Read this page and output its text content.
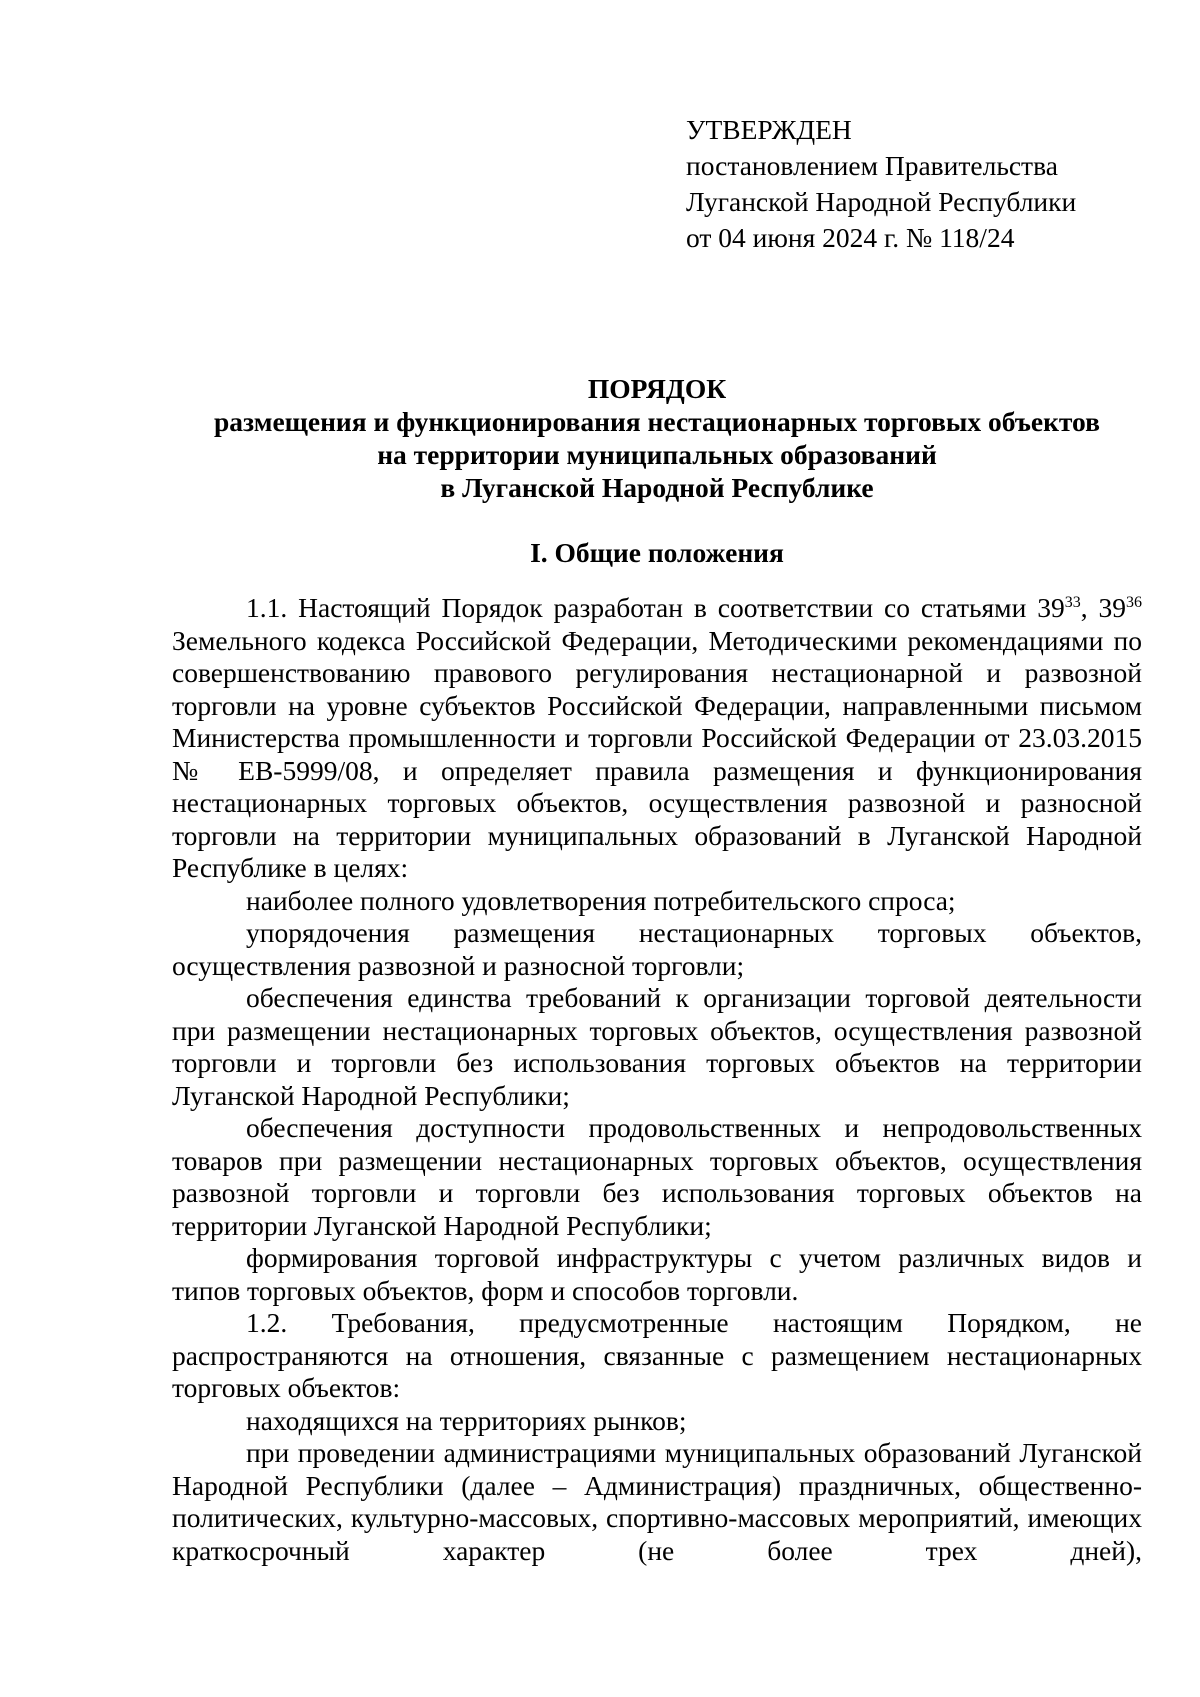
УТВЕРЖДЕН
постановлением Правительства
Луганской Народной Республики
от 04 июня 2024 г. № 118/24
ПОРЯДОК
размещения и функционирования нестационарных торговых объектов
на территории муниципальных образований
в Луганской Народной Республике
I. Общие положения

1.1. Настоящий Порядок разработан в соответствии со статьями $39^{33}$, $39^{36}$ Земельного кодекса Российской Федерации, Методическими рекомендациями по совершенствованию правового регулирования нестационарной и развозной торговли на уровне субъектов Российской Федерации, направленными письмом Министерства промышленности и торговли Российской Федерации от 23.03.2015 № ЕВ-5999/08, и определяет правила размещения и функционирования нестационарных торговых объектов, осуществления развозной и разносной торговли на территории муниципальных образований в Луганской Народной Республике в целях:

наиболее полного удовлетворения потребительского спроса;

упорядочения размещения нестационарных торговых объектов, осуществления развозной и разносной торговли;

обеспечения единства требований к организации торговой деятельности при размещении нестационарных торговых объектов, осуществления развозной торговли и торговли без использования торговых объектов на территории Луганской Народной Республики;

обеспечения доступности продовольственных и непродовольственных товаров при размещении нестационарных торговых объектов, осуществления развозной торговли и торговли без использования торговых объектов на территории Луганской Народной Республики;

формирования торговой инфраструктуры с учетом различных видов и типов торговых объектов, форм и способов торговли.

1.2. Требования, предусмотренные настоящим Порядком, не распространяются на отношения, связанные с размещением нестационарных торговых объектов:

находящихся на территориях рынков;

при проведении администрациями муниципальных образований Луганской Народной Республики (далее – Администрация) праздничных, общественно-политических, культурно-массовых, спортивно-массовых мероприятий, имеющих краткосрочный характер (не более трех дней),
